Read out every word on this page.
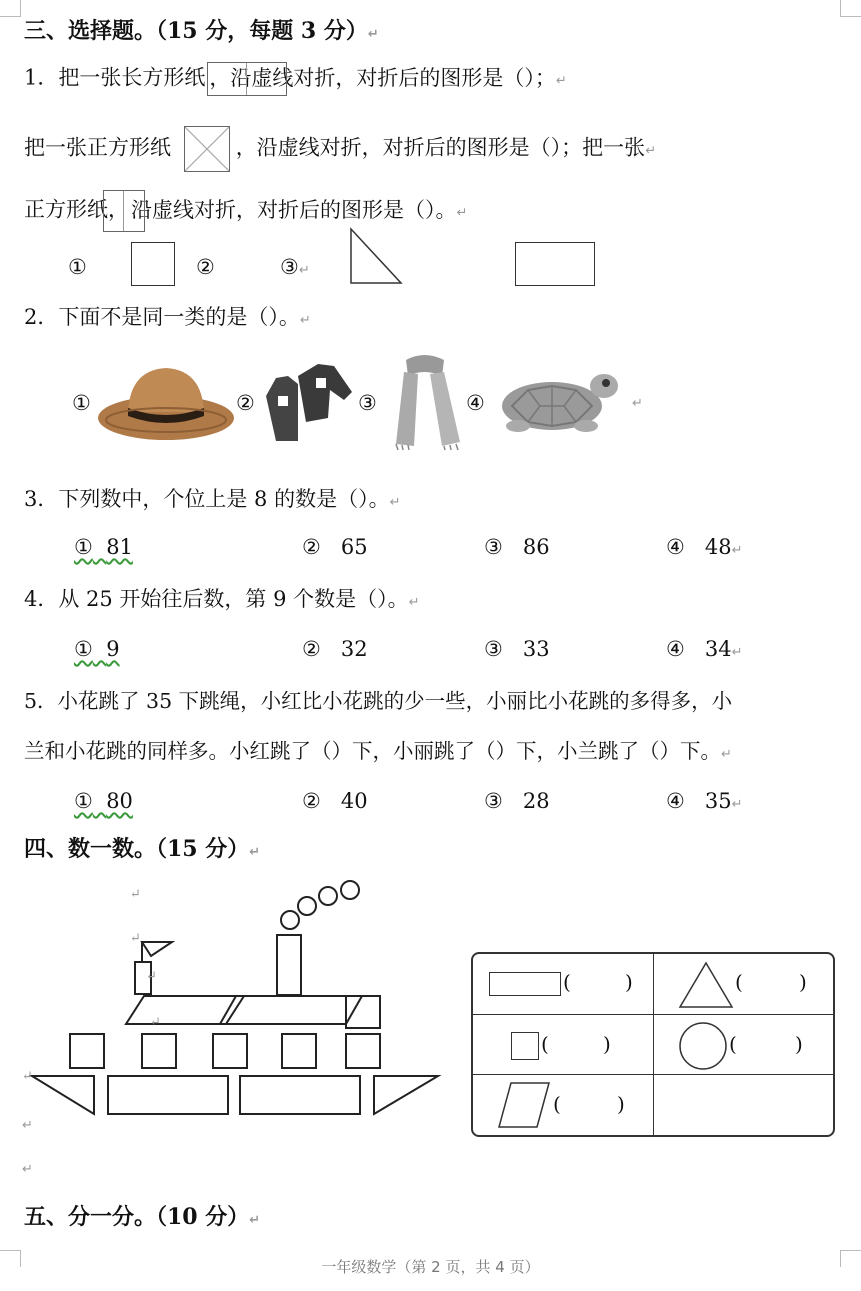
三、选择题。（15 分，每题 3 分）↵
1．把一张长方形纸 ，沿虚线对折，对折后的图形是（）；↵
把一张正方形纸	，沿虚线对折，对折后的图形是（）；把一张↵
正方形纸，
沿虚线对折，对折后的图形是（）。↵
①	②	③↵
2．下面不是同一类的是（）。↵
①	②	③	④	↵
3．下列数中，个位上是 8 的数是（）。↵
① 81	② 65	③ 86	④ 48↵
4．从 25 开始往后数，第 9 个数是（）。↵
① 9	② 32	③ 33	④ 34↵
5．小花跳了 35 下跳绳，小红比小花跳的少一些，小丽比小花跳的多得多，小
兰和小花跳的同样多。小红跳了（）下，小丽跳了（）下，小兰跳了（）下。↵
① 80	② 40	③ 28	④ 35↵
四、数一数。（15 分）↵
↵
↵
↵
↵
↵
↵
↵
(	)	(	)
(	)	(	)
(	)
五、分一分。（10 分）↵
一年级数学（第 2 页，共 4 页）
